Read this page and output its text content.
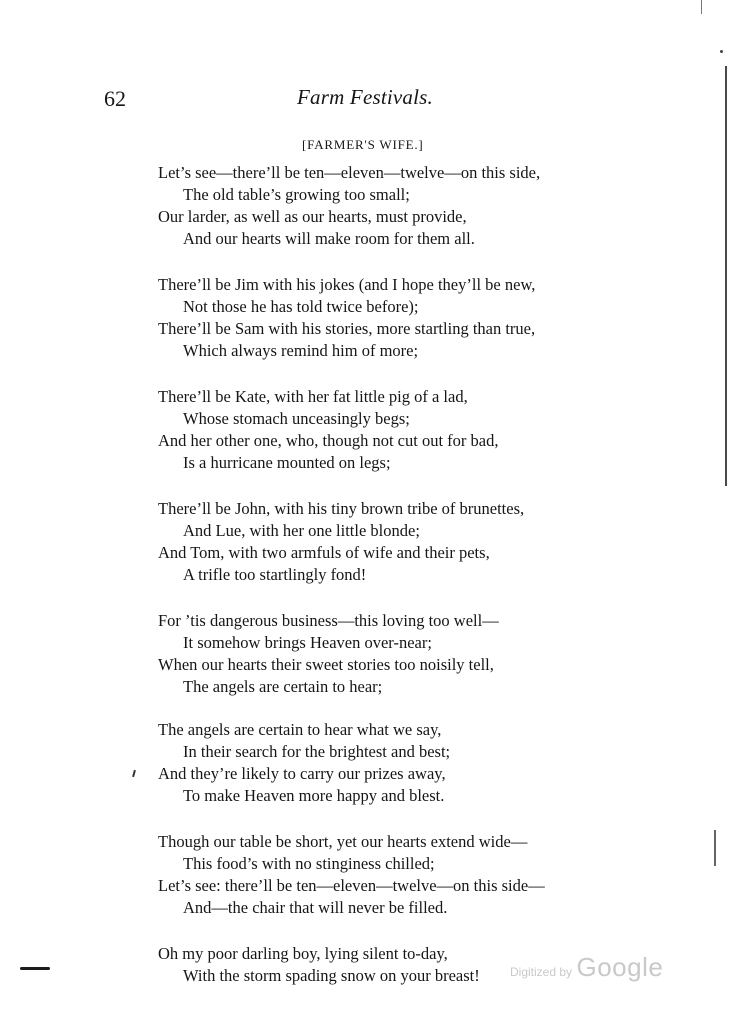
62	Farm Festivals.
[FARMER'S WIFE.]
Let’s see—there’ll be ten—eleven—twelve—on this side,
The old table’s growing too small;
Our larder, as well as our hearts, must provide,
And our hearts will make room for them all.
There’ll be Jim with his jokes (and I hope they’ll be new,
Not those he has told twice before);
There’ll be Sam with his stories, more startling than true,
Which always remind him of more;
There’ll be Kate, with her fat little pig of a lad,
Whose stomach unceasingly begs;
And her other one, who, though not cut out for bad,
Is a hurricane mounted on legs;
There’ll be John, with his tiny brown tribe of brunettes,
And Lue, with her one little blonde;
And Tom, with two armfuls of wife and their pets,
A trifle too startlingly fond!
For ’tis dangerous business—this loving too well—
It somehow brings Heaven over-near;
When our hearts their sweet stories too noisily tell,
The angels are certain to hear;
The angels are certain to hear what we say,
In their search for the brightest and best;
And they’re likely to carry our prizes away,
To make Heaven more happy and blest.
Though our table be short, yet our hearts extend wide—
This food’s with no stinginess chilled;
Let’s see: there’ll be ten—eleven—twelve—on this side—
And—the chair that will never be filled.
Oh my poor darling boy, lying silent to-day,
With the storm spading snow on your breast!	Digitized by Google
